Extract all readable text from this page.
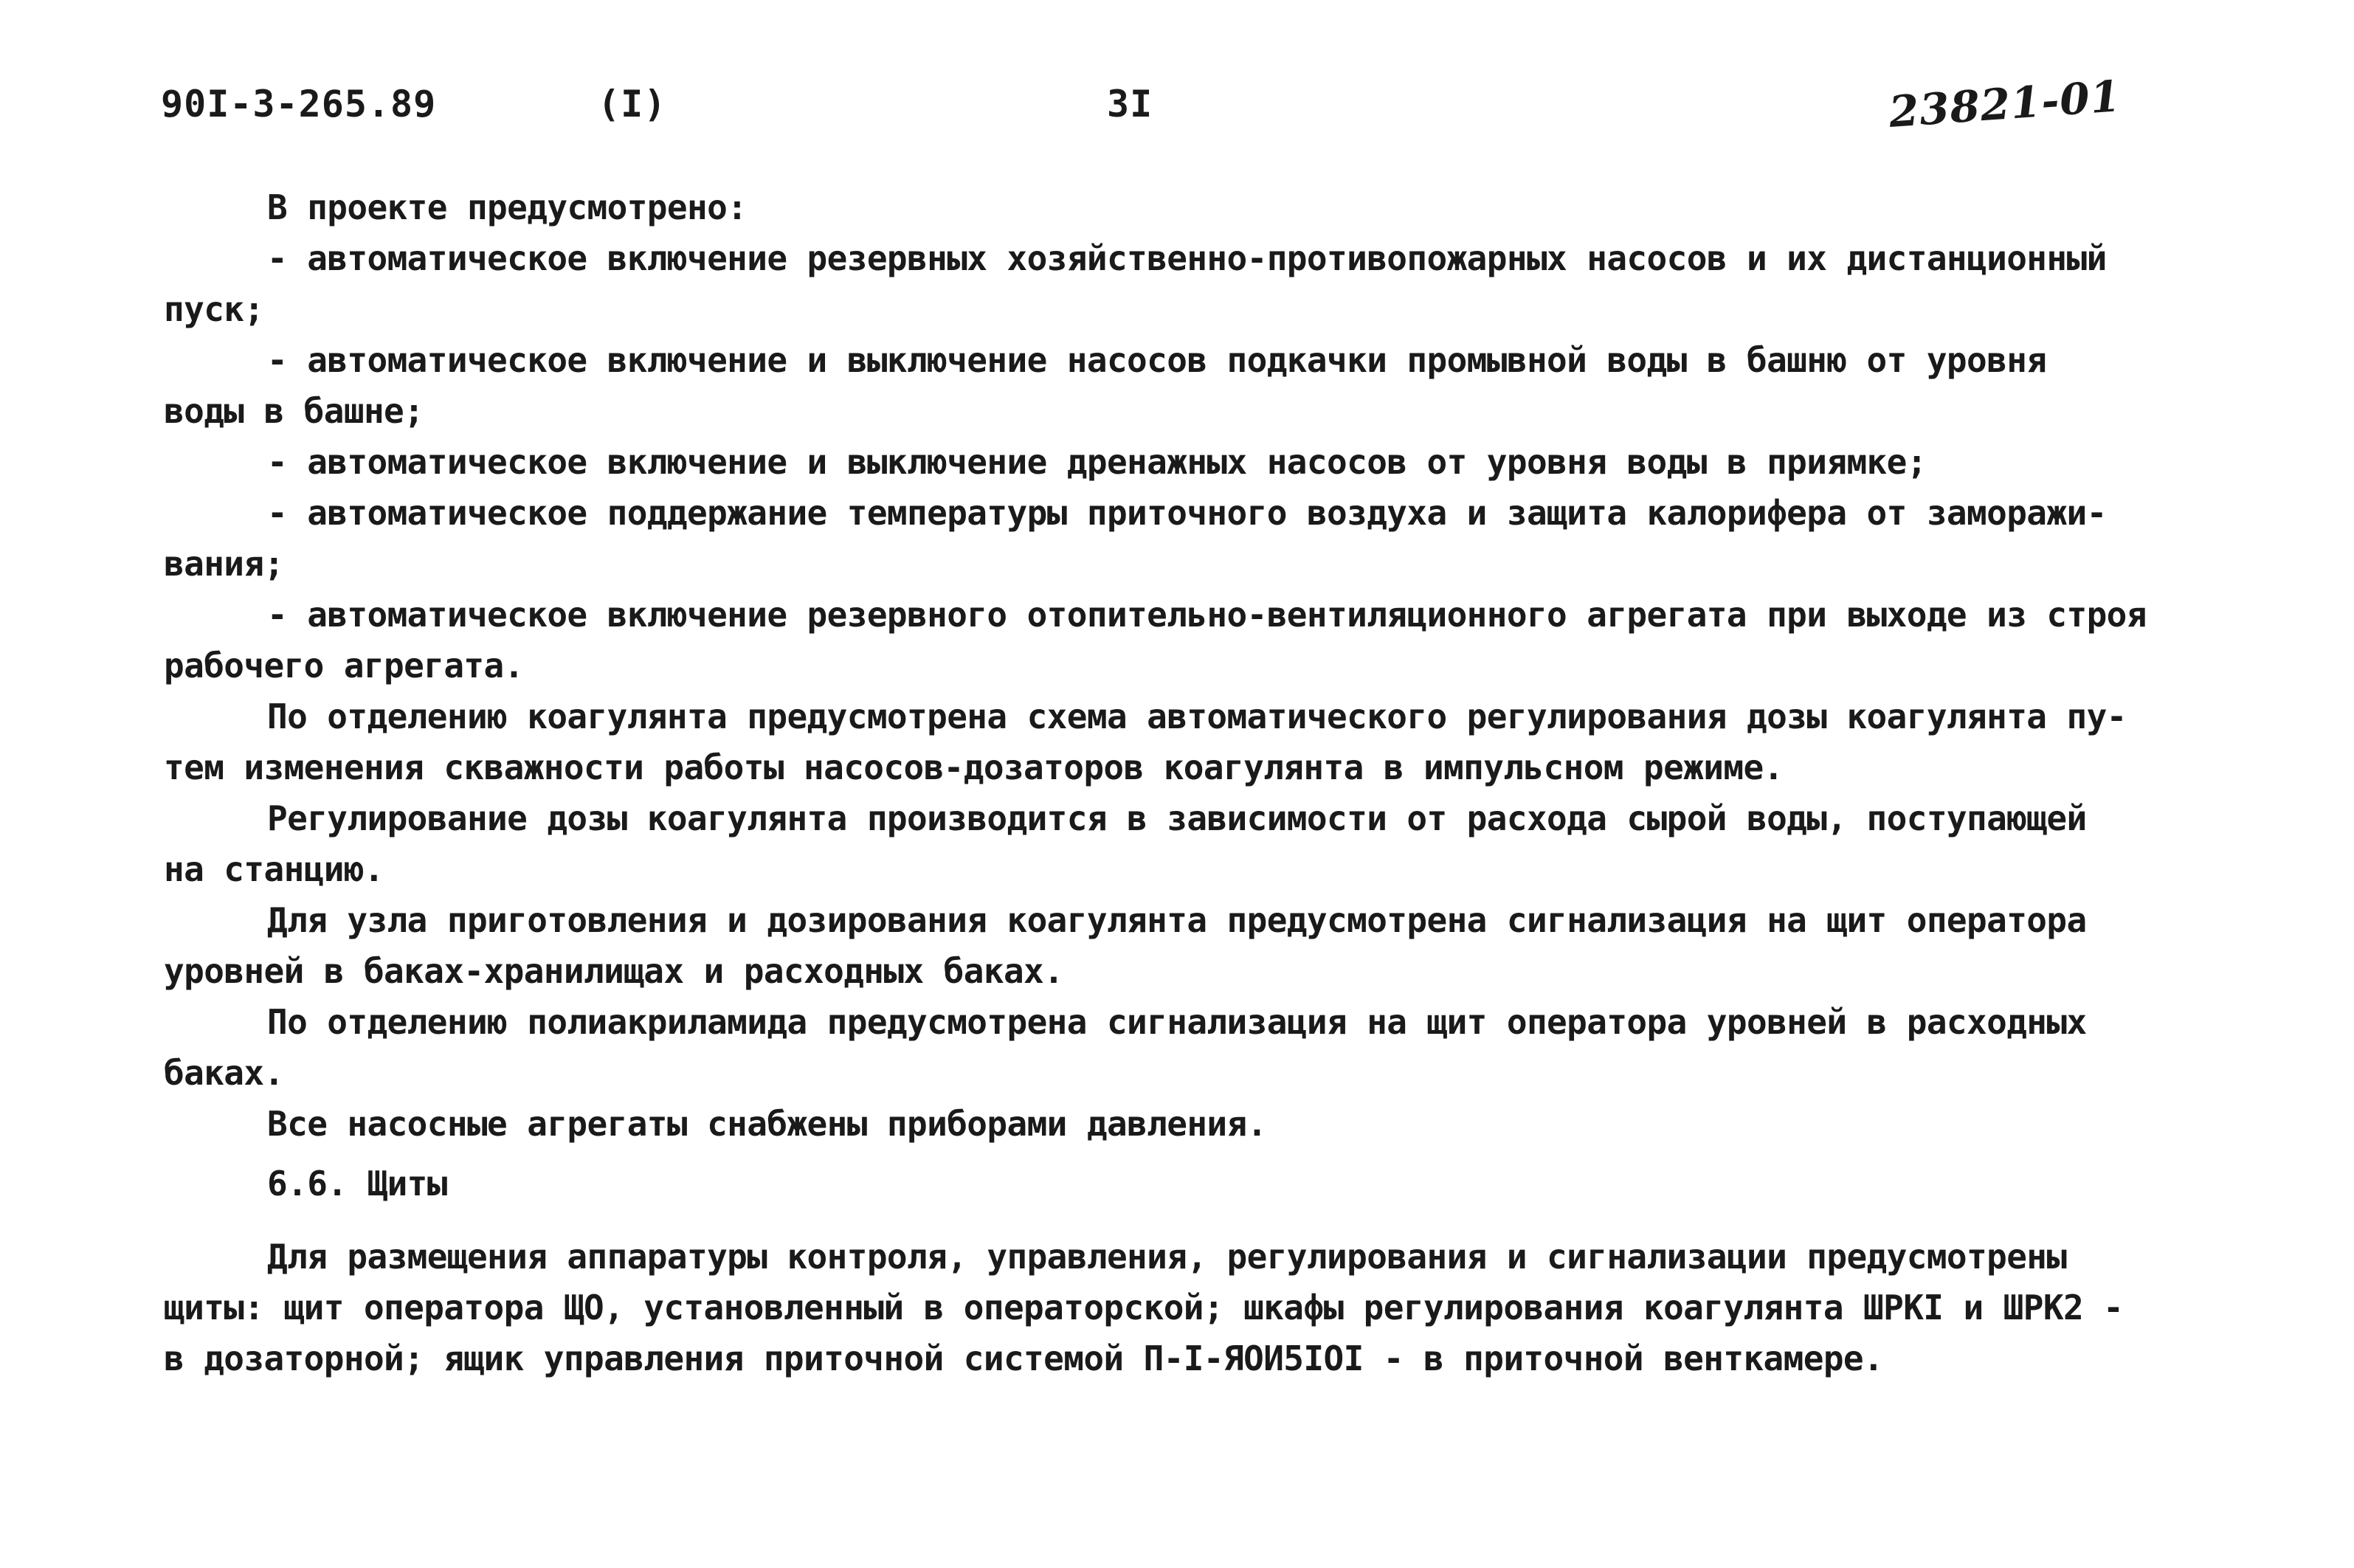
90I-3-265.89	(I)	3I	23821-01
В проекте предусмотрено:
- автоматическое включение резервных хозяйственно-противопожарных насосов и их дистанционный
пуск;
- автоматическое включение и выключение насосов подкачки промывной воды в башню от уровня
воды в башне;
- автоматическое включение и выключение дренажных насосов от уровня воды в приямке;
- автоматическое поддержание температуры приточного воздуха и защита калорифера от заморажи-
вания;
- автоматическое включение резервного отопительно-вентиляционного агрегата при выходе из строя
рабочего агрегата.
По отделению коагулянта предусмотрена схема автоматического регулирования дозы коагулянта пу-
тем изменения скважности работы насосов-дозаторов коагулянта в импульсном режиме.
Регулирование дозы коагулянта производится в зависимости от расхода сырой воды, поступающей
на станцию.
Для узла приготовления и дозирования коагулянта предусмотрена сигнализация на щит оператора
уровней в баках-хранилищах и расходных баках.
По отделению полиакриламида предусмотрена сигнализация на щит оператора уровней в расходных
баках.
Все насосные агрегаты снабжены приборами давления.
6.6. Щиты
Для размещения аппаратуры контроля, управления, регулирования и сигнализации предусмотрены
щиты: щит оператора ЩО, установленный в операторской; шкафы регулирования коагулянта ШРКI и ШРК2 -
в дозаторной; ящик управления приточной системой П-I-ЯОИ5IOI - в приточной венткамере.
